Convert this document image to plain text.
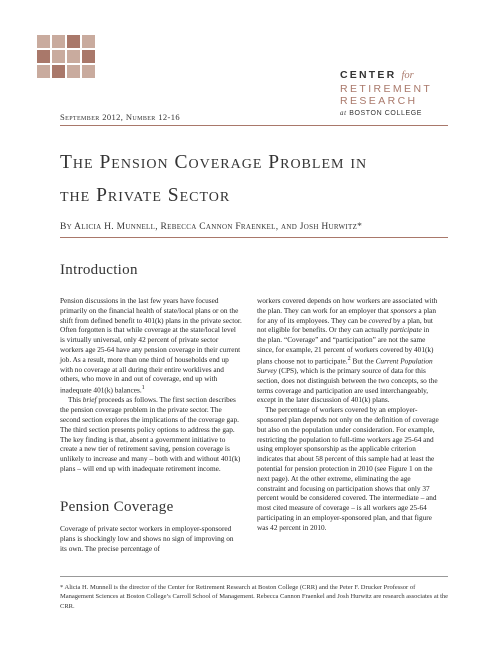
CENTER for
RETIREMENT
RESEARCH
at BOSTON COLLEGE
September 2012, Number 12-16
The Pension Coverage Problem in
the Private Sector
By Alicia H. Munnell, Rebecca Cannon Fraenkel, and Josh Hurwitz*
Introduction

Pension discussions in the last few years have focused primarily on the financial health of state/local plans or on the shift from defined benefit to 401(k) plans in the private sector. Often forgotten is that while coverage at the state/local level is virtually universal, only 42 percent of private sector workers age 25-64 have any pension coverage in their current job. As a result, more than one third of households end up with no coverage at all during their entire worklives and others, who move in and out of coverage, end up with inadequate 401(k) balances.$^1$

This brief proceeds as follows. The first section describes the pension coverage problem in the private sector. The second section explores the implications of the coverage gap. The third section presents policy options to address the gap. The key finding is that, absent a government initiative to create a new tier of retirement saving, pension coverage is unlikely to increase and many – both with and without 401(k) plans – will end up with inadequate retirement income.

Pension Coverage

Coverage of private sector workers in employer-sponsored plans is shockingly low and shows no sign of improving on its own. The precise percentage of

workers covered depends on how workers are associated with the plan. They can work for an employer that sponsors a plan for any of its employees. They can be covered by a plan, but not eligible for benefits. Or they can actually participate in the plan. “Coverage” and “participation” are not the same since, for example, 21 percent of workers covered by 401(k) plans choose not to participate.$^2$ But the Current Population Survey (CPS), which is the primary source of data for this section, does not distinguish between the two concepts, so the terms coverage and participation are used interchangeably, except in the later discussion of 401(k) plans.

The percentage of workers covered by an employer-sponsored plan depends not only on the definition of coverage but also on the population under consideration. For example, restricting the population to full-time workers age 25-64 and using employer sponsorship as the applicable criterion indicates that about 58 percent of this sample had at least the potential for pension protection in 2010 (see Figure 1 on the next page). At the other extreme, eliminating the age constraint and focusing on participation shows that only 37 percent would be considered covered. The intermediate – and most cited measure of coverage – is all workers age 25-64 participating in an employer-sponsored plan, and that figure was 42 percent in 2010.

* Alicia H. Munnell is the director of the Center for Retirement Research at Boston College (CRR) and the Peter F. Drucker Professor of Management Sciences at Boston College’s Carroll School of Management. Rebecca Cannon Fraenkel and Josh Hurwitz are research associates at the CRR.
